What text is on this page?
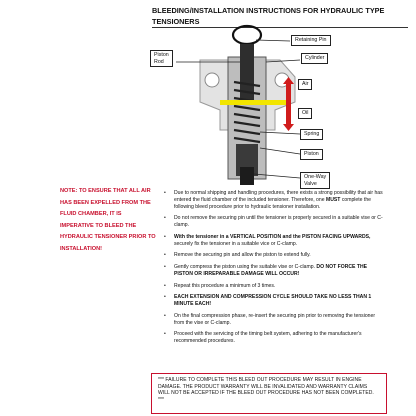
BLEEDING/INSTALLATION INSTRUCTIONS FOR HYDRAULIC TYPE TENSIONERS
Retaining Pin
Piston
Rod
Cylinder
Air
Oil
Spring
Piston
One-Way
Valve
NOTE: TO ENSURE THAT ALL AIR HAS BEEN EXPELLED FROM THE FLUID CHAMBER, IT IS IMPERATIVE TO BLEED THE HYDRAULIC TENSIONER PRIOR TO INSTALLATION!
• Due to normal shipping and handling procedures, there exists a strong possibility that air has entered the fluid chamber of the included tensioner. Therefore, one MUST complete the following bleed procedure prior to hydraulic tensioner installation.
• Do not remove the securing pin until the tensioner is properly secured in a suitable vise or C-clamp.
• With the tensioner in a VERTICAL POSITION and the PISTON FACING UPWARDS, securely fix the tensioner in a suitable vice or C-clamp.
• Remove the securing pin and allow the piston to extend fully.
• Gently compress the piston using the suitable vise or C-clamp. DO NOT FORCE THE PISTON OR IRREPARABLE DAMAGE WILL OCCUR!
• Repeat this procedure a minimum of 3 times.
• EACH EXTENSION AND COMPRESSION CYCLE SHOULD TAKE NO LESS THAN 1 MINUTE EACH!
• On the final compression phase, re-insert the securing pin prior to removing the tensioner from the vise or C-clamp.
• Proceed with the servicing of the timing belt system, adhering to the manufacturer's recommended procedures.
*** FAILURE TO COMPLETE THIS BLEED OUT PROCEDURE MAY RESULT IN ENGINE DAMAGE. THE PRODUCT WARRANTY WILL BE INVALIDATED AND WARRANTY CLAIMS WILL NOT BE ACCEPTED IF THE BLEED OUT PROCEDURE HAS NOT BEEN COMPLETED. ***
